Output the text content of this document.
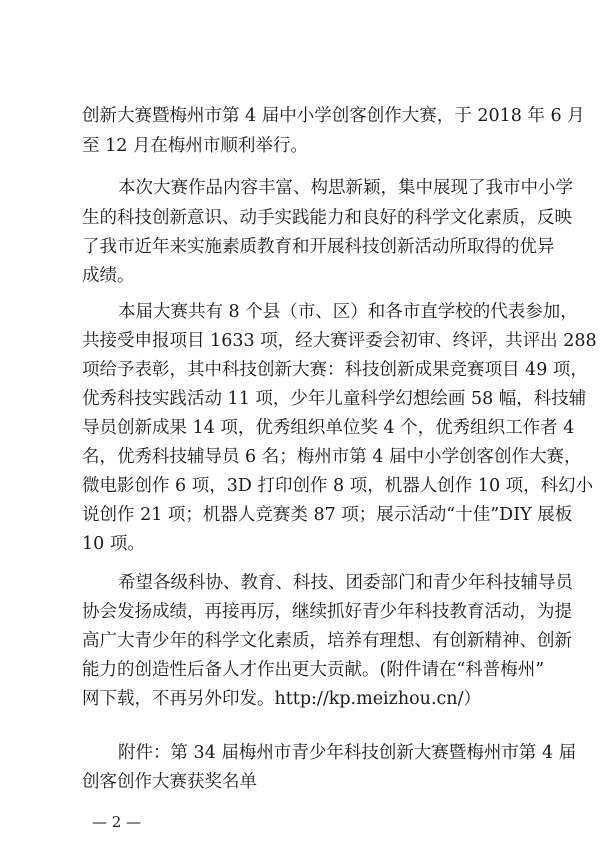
创新大赛暨梅州市第 4 届中小学创客创作大赛，于 2018 年 6 月
至 12 月在梅州市顺利举行。
本次大赛作品内容丰富、构思新颖，集中展现了我市中小学
生的科技创新意识、动手实践能力和良好的科学文化素质，反映
了我市近年来实施素质教育和开展科技创新活动所取得的优异
成绩。
本届大赛共有 8 个县（市、区）和各市直学校的代表参加，
共接受申报项目 1633 项，经大赛评委会初审、终评，共评出 288
项给予表彰，其中科技创新大赛：科技创新成果竞赛项目 49 项，
优秀科技实践活动 11 项，少年儿童科学幻想绘画 58 幅，科技辅
导员创新成果 14 项，优秀组织单位奖 4 个，优秀组织工作者 4
名，优秀科技辅导员 6 名；梅州市第 4 届中小学创客创作大赛，
微电影创作 6 项，3D 打印创作 8 项，机器人创作 10 项，科幻小
说创作 21 项；机器人竞赛类 87 项；展示活动“十佳”DIY 展板
10 项。
希望各级科协、教育、科技、团委部门和青少年科技辅导员
协会发扬成绩，再接再厉，继续抓好青少年科技教育活动，为提
高广大青少年的科学文化素质，培养有理想、有创新精神、创新
能力的创造性后备人才作出更大贡献。(附件请在“科普梅州”
网下载，不再另外印发。http://kp.meizhou.cn/）
附件：第 34 届梅州市青少年科技创新大赛暨梅州市第 4 届
创客创作大赛获奖名单
— 2 —
